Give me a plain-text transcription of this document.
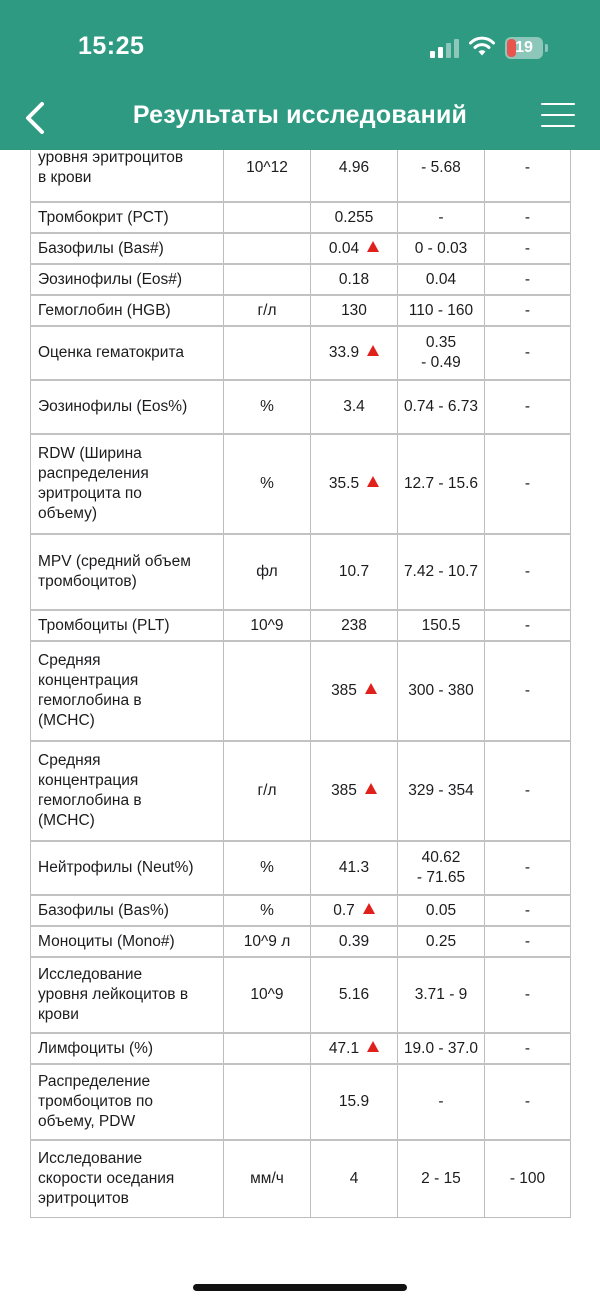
15:25	19
Результаты исследований
уровня эритроцитов
в крови	10^12	4.96	- 5.68	-
Тромбокрит (PCT)		0.255	-	-
Базофилы (Bas#)		0.04	0 - 0.03	-
Эозинофилы (Eos#)		0.18	0.04	-
Гемоглобин (HGB)	г/л	130	110 - 160	-
Оценка гематокрита		33.9	0.35
- 0.49	-
Эозинофилы (Eos%)	%	3.4	0.74 - 6.73	-
RDW (Ширина
распределения
эритроцита по
объему)	%	35.5	12.7 - 15.6	-
MPV (средний объем
тромбоцитов)	фл	10.7	7.42 - 10.7	-
Тромбоциты (PLT)	10^9	238	150.5	-
Средняя
концентрация
гемоглобина в
(MCHC)		385	300 - 380	-
Средняя
концентрация
гемоглобина в
(MCHC)	г/л	385	329 - 354	-
Нейтрофилы (Neut%)	%	41.3	40.62
- 71.65	-
Базофилы (Bas%)	%	0.7	0.05	-
Моноциты (Mono#)	10^9 л	0.39	0.25	-
Исследование
уровня лейкоцитов в
крови	10^9	5.16	3.71 - 9	-
Лимфоциты (%)		47.1	19.0 - 37.0	-
Распределение
тромбоцитов по
объему, PDW		15.9	-	-
Исследование
скорости оседания
эритроцитов	мм/ч	4	2 - 15	- 100
